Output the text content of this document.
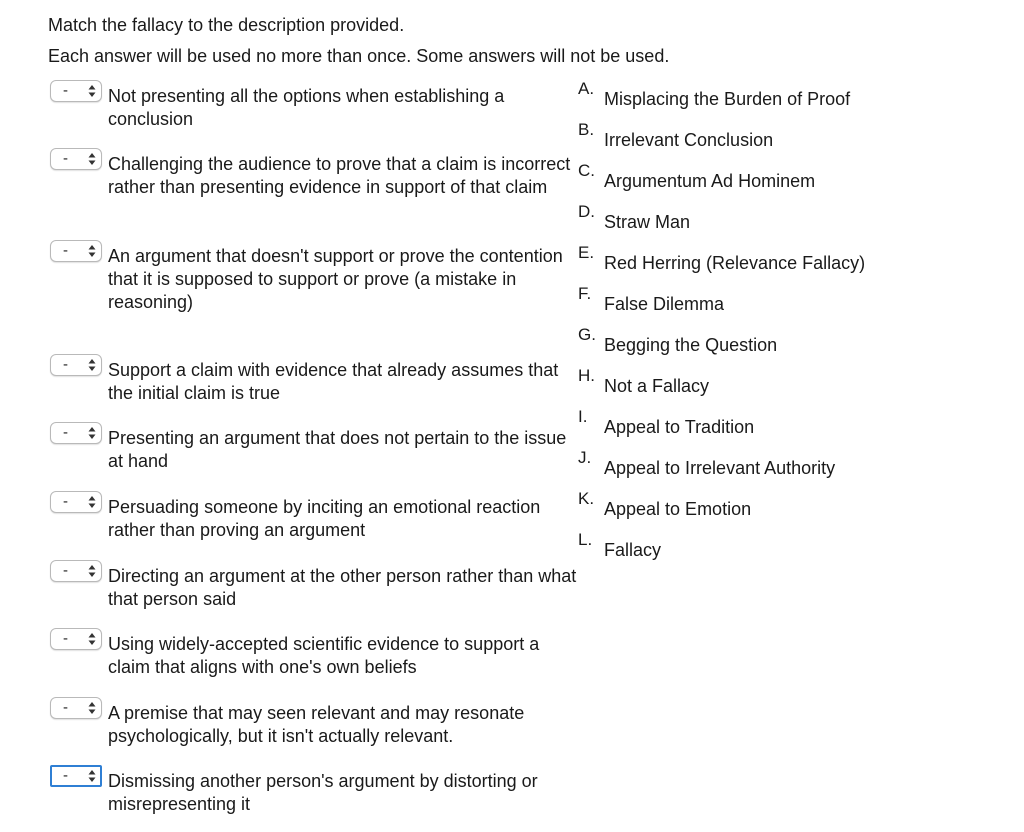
Match the fallacy to the description provided.
Each answer will be used no more than once. Some answers will not be used.
- Not presenting all the options when establishing a conclusion
- Challenging the audience to prove that a claim is incorrect rather than presenting evidence in support of that claim
- An argument that doesn't support or prove the contention that it is supposed to support or prove (a mistake in reasoning)
- Support a claim with evidence that already assumes that the initial claim is true
- Presenting an argument that does not pertain to the issue at hand
- Persuading someone by inciting an emotional reaction rather than proving an argument
- Directing an argument at the other person rather than what that person said
- Using widely-accepted scientific evidence to support a claim that aligns with one's own beliefs
- A premise that may seen relevant and may resonate psychologically, but it isn't actually relevant.
- Dismissing another person's argument by distorting or misrepresenting it
A.
Misplacing the Burden of Proof
B.
Irrelevant Conclusion
C.
Argumentum Ad Hominem
D.
Straw Man
E.
Red Herring (Relevance Fallacy)
F.
False Dilemma
G.
Begging the Question
H.
Not a Fallacy
I.
Appeal to Tradition
J.
Appeal to Irrelevant Authority
K.
Appeal to Emotion
L.
Fallacy
